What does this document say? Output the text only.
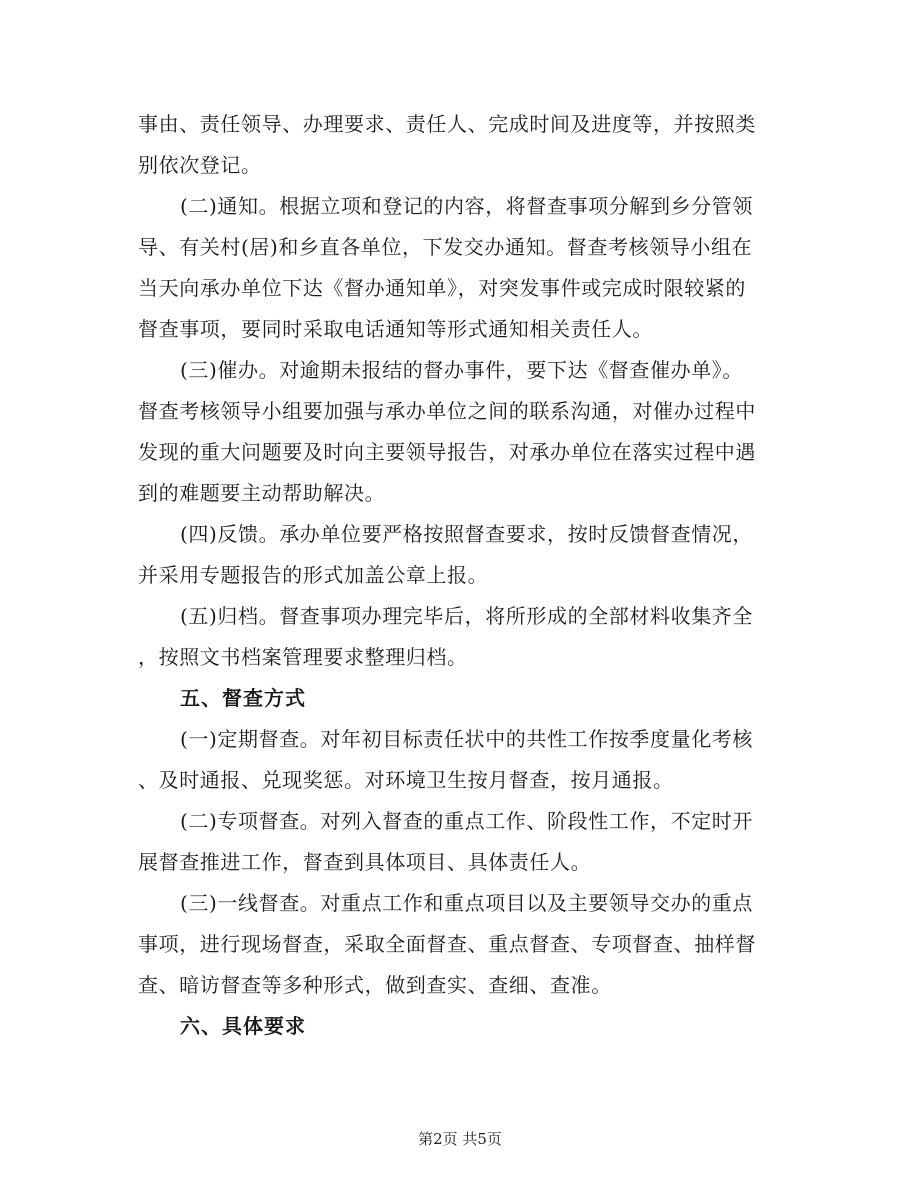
事由、责任领导、办理要求、责任人、完成时间及进度等，并按照类
别依次登记。
(二)通知。根据立项和登记的内容，将督查事项分解到乡分管领
导、有关村(居)和乡直各单位，下发交办通知。督查考核领导小组在
当天向承办单位下达《督办通知单》，对突发事件或完成时限较紧的
督查事项，要同时采取电话通知等形式通知相关责任人。
(三)催办。对逾期未报结的督办事件，要下达《督查催办单》。
督查考核领导小组要加强与承办单位之间的联系沟通，对催办过程中
发现的重大问题要及时向主要领导报告，对承办单位在落实过程中遇
到的难题要主动帮助解决。
(四)反馈。承办单位要严格按照督查要求，按时反馈督查情况，
并采用专题报告的形式加盖公章上报。
(五)归档。督查事项办理完毕后，将所形成的全部材料收集齐全
，按照文书档案管理要求整理归档。
五、督查方式
(一)定期督查。对年初目标责任状中的共性工作按季度量化考核
、及时通报、兑现奖惩。对环境卫生按月督查，按月通报。
(二)专项督查。对列入督查的重点工作、阶段性工作，不定时开
展督查推进工作，督查到具体项目、具体责任人。
(三)一线督查。对重点工作和重点项目以及主要领导交办的重点
事项，进行现场督查，采取全面督查、重点督查、专项督查、抽样督
查、暗访督查等多种形式，做到查实、查细、查准。
六、具体要求
第2页 共5页
